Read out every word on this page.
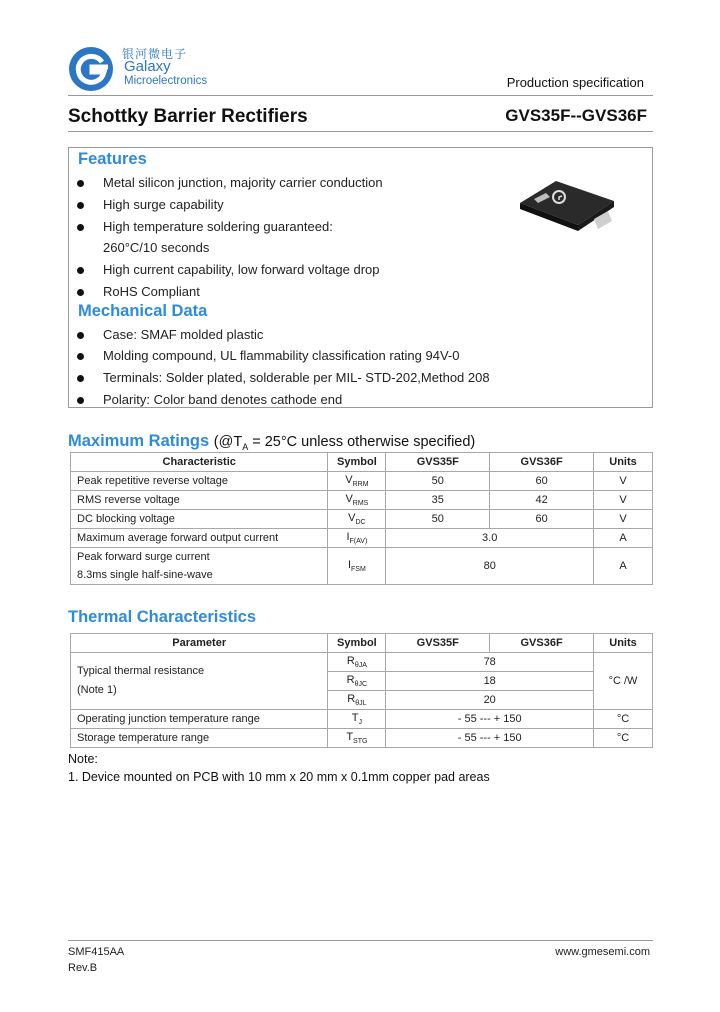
银河微电子
Galaxy
Microelectronics	Production specification
Schottky Barrier Rectifiers	GVS35F--GVS36F
Features
Metal silicon junction, majority carrier conduction
High surge capability
High temperature soldering guaranteed:
260°C/10 seconds
High current capability, low forward voltage drop
RoHS Compliant
Mechanical Data
Case: SMAF molded plastic
Molding compound, UL flammability classification rating 94V-0
Terminals: Solder plated, solderable per MIL- STD-202,Method 208
Polarity: Color band denotes cathode end
Maximum Ratings ($@T_A = 25^\circ C$ unless otherwise specified)
Characteristic	Symbol	GVS35F	GVS36F	Units
Peak repetitive reverse voltage	$V_{RRM}$	50	60	V
RMS reverse voltage	$V_{RMS}$	35	42	V
DC blocking voltage	$V_{DC}$	50	60	V
Maximum average forward output current	$I_{F(AV)}$	3.0		A

Peak forward surge current
8.3ms single half-sine-wave	$I_{FSM}$	80		A
Thermal Characteristics
Parameter	Symbol	GVS35F	GVS36F	Units

Typical thermal resistance
(Note 1)	$R_{\theta JA}$	78		°C /W
	$R_{\theta JC}$	18		
	$R_{\theta JL}$	20		
Operating junction temperature range	$T_J$	- 55 --- + 150		°C
Storage temperature range	$T_{STG}$	- 55 --- + 150		°C
Note:
1. Device mounted on PCB with 10 mm x 20 mm x 0.1mm copper pad areas
SMF415AA
Rev.B
www.gmesemi.com
